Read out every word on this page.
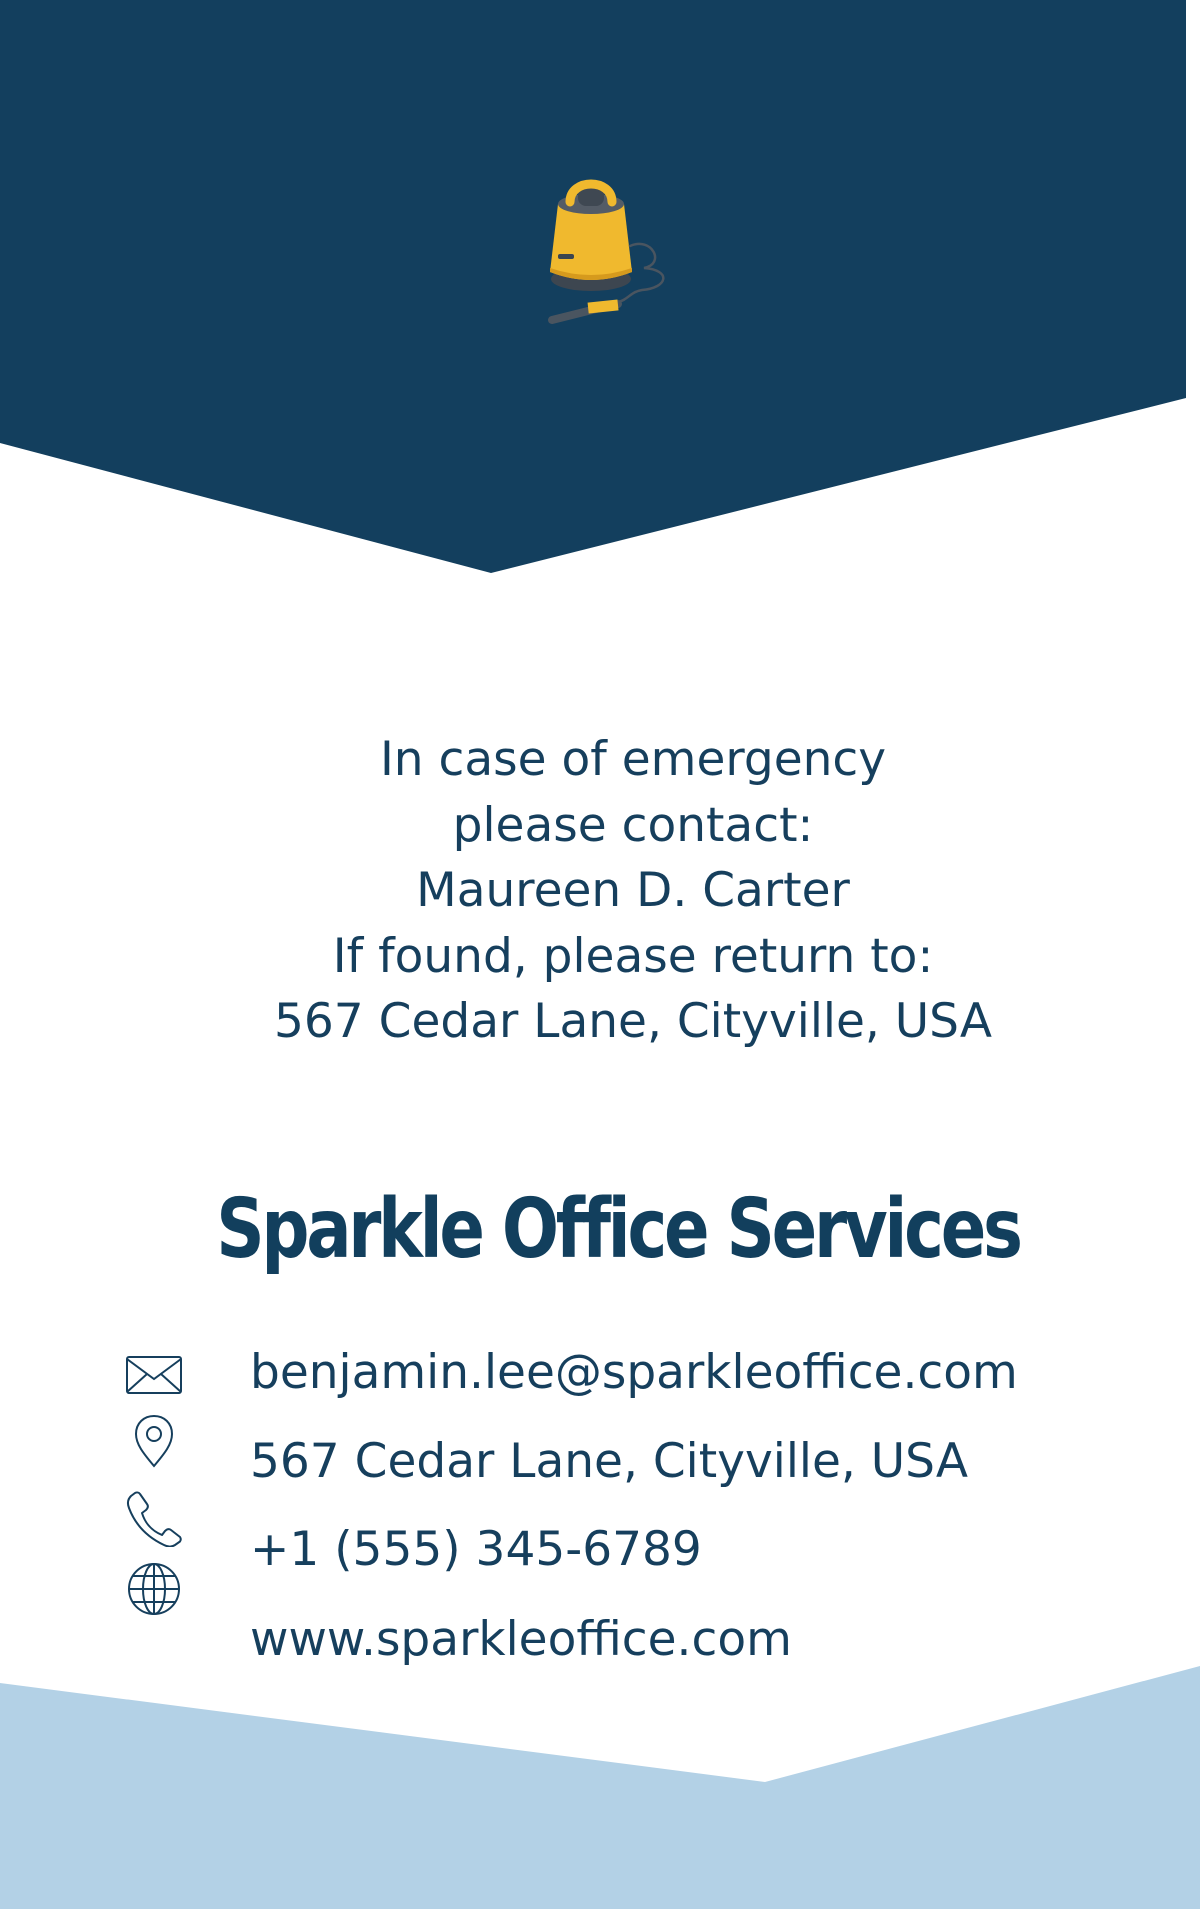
In case of emergency
please contact:
Maureen D. Carter
If found, please return to:
567 Cedar Lane, Cityville, USA
Sparkle Office Services
benjamin.lee@sparkleoffice.com
567 Cedar Lane, Cityville, USA
+1 (555) 345-6789
www.sparkleoffice.com
